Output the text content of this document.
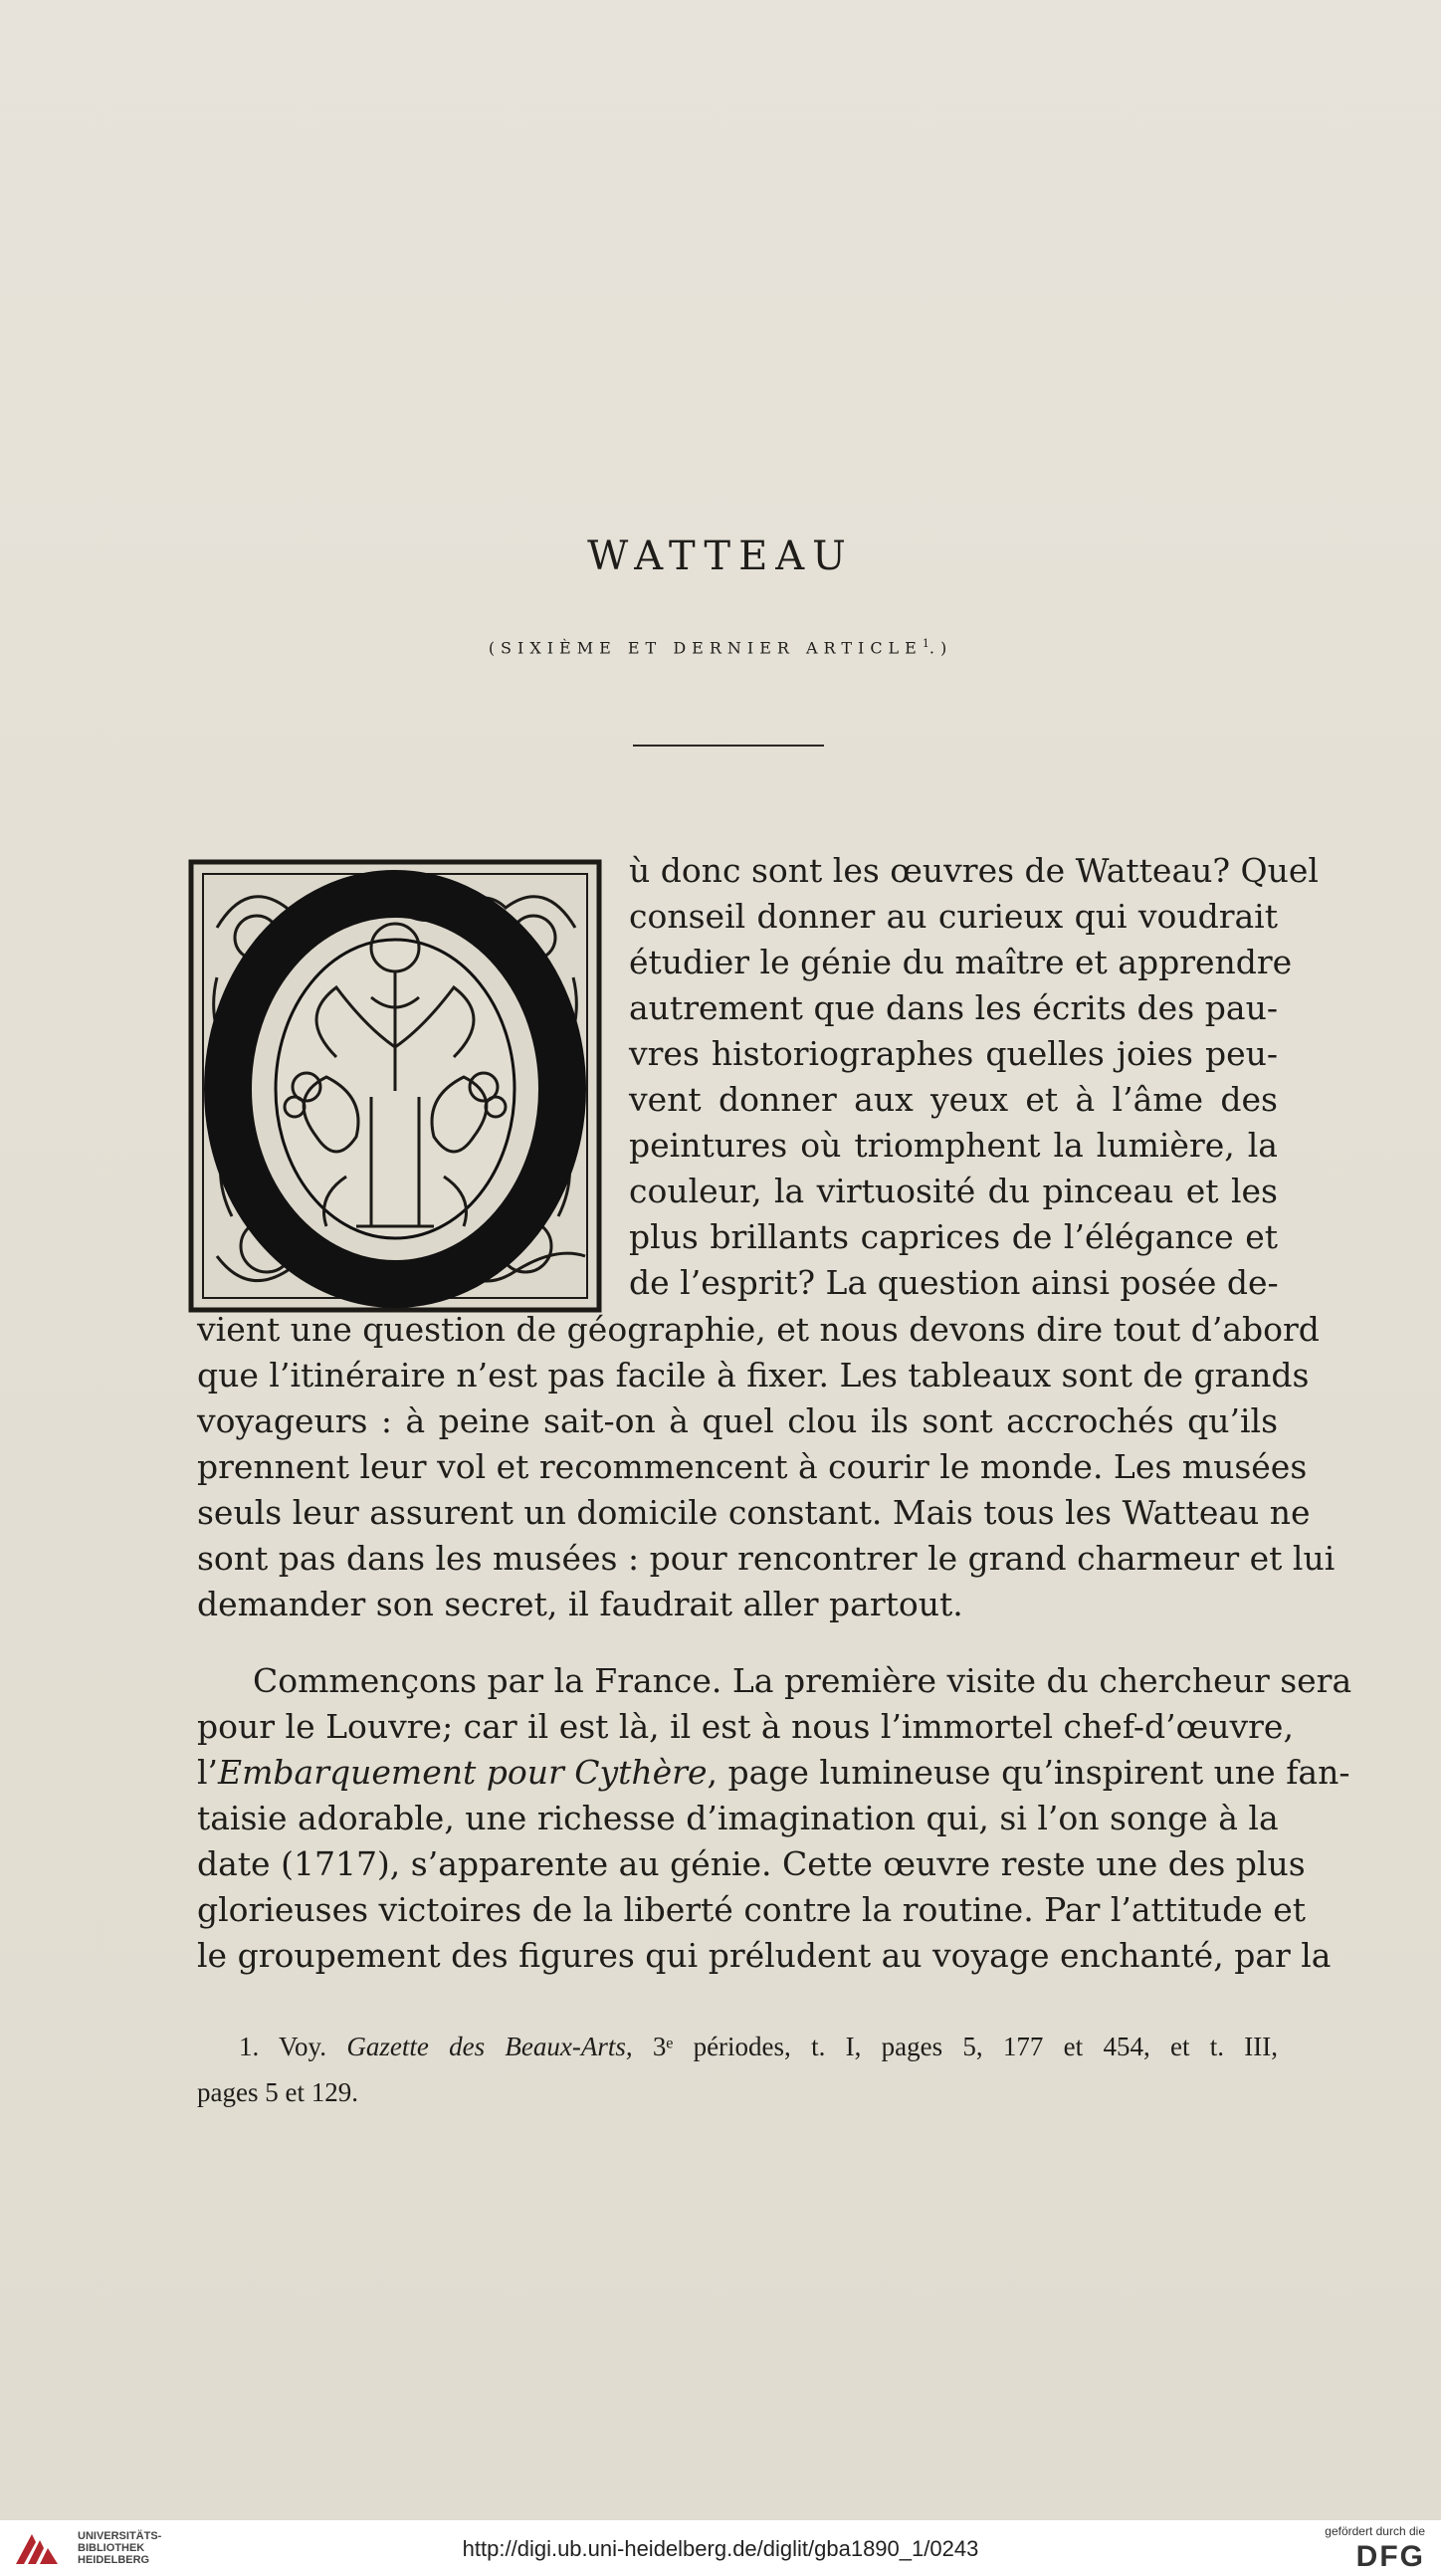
WATTEAU
(SIXIÈME ET DERNIER ARTICLE$^1$.)
ù donc sont les œuvres de Watteau? Quel
conseil donner au curieux qui voudrait
étudier le génie du maître et apprendre
autrement que dans les écrits des pau-
vres historiographes quelles joies peu-
vent donner aux yeux et à l’âme des
peintures où triomphent la lumière, la
couleur, la virtuosité du pinceau et les
plus brillants caprices de l’élégance et
de l’esprit? La question ainsi posée de-
vient une question de géographie, et nous devons dire tout d’abord
que l’itinéraire n’est pas facile à fixer. Les tableaux sont de grands
voyageurs : à peine sait-on à quel clou ils sont accrochés qu’ils
prennent leur vol et recommencent à courir le monde. Les musées
seuls leur assurent un domicile constant. Mais tous les Watteau ne
sont pas dans les musées : pour rencontrer le grand charmeur et lui
demander son secret, il faudrait aller partout.
Commençons par la France. La première visite du chercheur sera
pour le Louvre; car il est là, il est à nous l’immortel chef-d’œuvre,
l’Embarquement pour Cythère, page lumineuse qu’inspirent une fan-
taisie adorable, une richesse d’imagination qui, si l’on songe à la
date (1717), s’apparente au génie. Cette œuvre reste une des plus
glorieuses victoires de la liberté contre la routine. Par l’attitude et
le groupement des figures qui préludent au voyage enchanté, par la
1. Voy. Gazette des Beaux-Arts, 3ᵉ périodes, t. I, pages 5, 177 et 454, et t. III,
pages 5 et 129.
UNIVERSITÄTS-
BIBLIOTHEK
HEIDELBERG	http://digi.ub.uni-heidelberg.de/diglit/gba1890_1/0243
gefördert durch die
DFG
